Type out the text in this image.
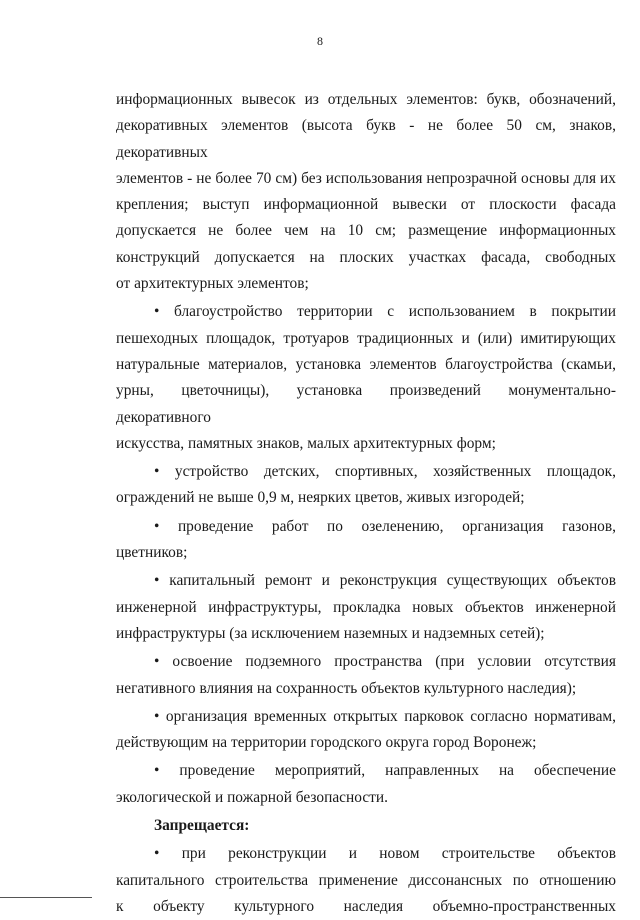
8

информационных вывесок из отдельных элементов: букв, обозначений,

декоративных элементов (высота букв - не более 50 см, знаков, декоративных

элементов - не более 70 см) без использования непрозрачной основы для их

крепления; выступ информационной вывески от плоскости фасада

допускается не более чем на 10 см; размещение информационных

конструкций допускается на плоских участках фасада, свободных

от архитектурных элементов;

• благоустройство территории с использованием в покрытии

пешеходных площадок, тротуаров традиционных и (или) имитирующих

натуральные материалов, установка элементов благоустройства (скамьи,

урны, цветочницы), установка произведений монументально-декоративного

искусства, памятных знаков, малых архитектурных форм;

• устройство детских, спортивных, хозяйственных площадок,

ограждений не выше 0,9 м, неярких цветов, живых изгородей;

• проведение работ по озеленению, организация газонов,

цветников;

• капитальный ремонт и реконструкция существующих объектов

инженерной инфраструктуры, прокладка новых объектов инженерной

инфраструктуры (за исключением наземных и надземных сетей);

• освоение подземного пространства (при условии отсутствия

негативного влияния на сохранность объектов культурного наследия);

• организация временных открытых парковок согласно нормативам,

действующим на территории городского округа город Воронеж;

• проведение мероприятий, направленных на обеспечение

экологической и пожарной безопасности.

Запрещается:

• при реконструкции и новом строительстве объектов

капитального строительства применение диссонансных по отношению

к объекту культурного наследия объемно-пространственных
